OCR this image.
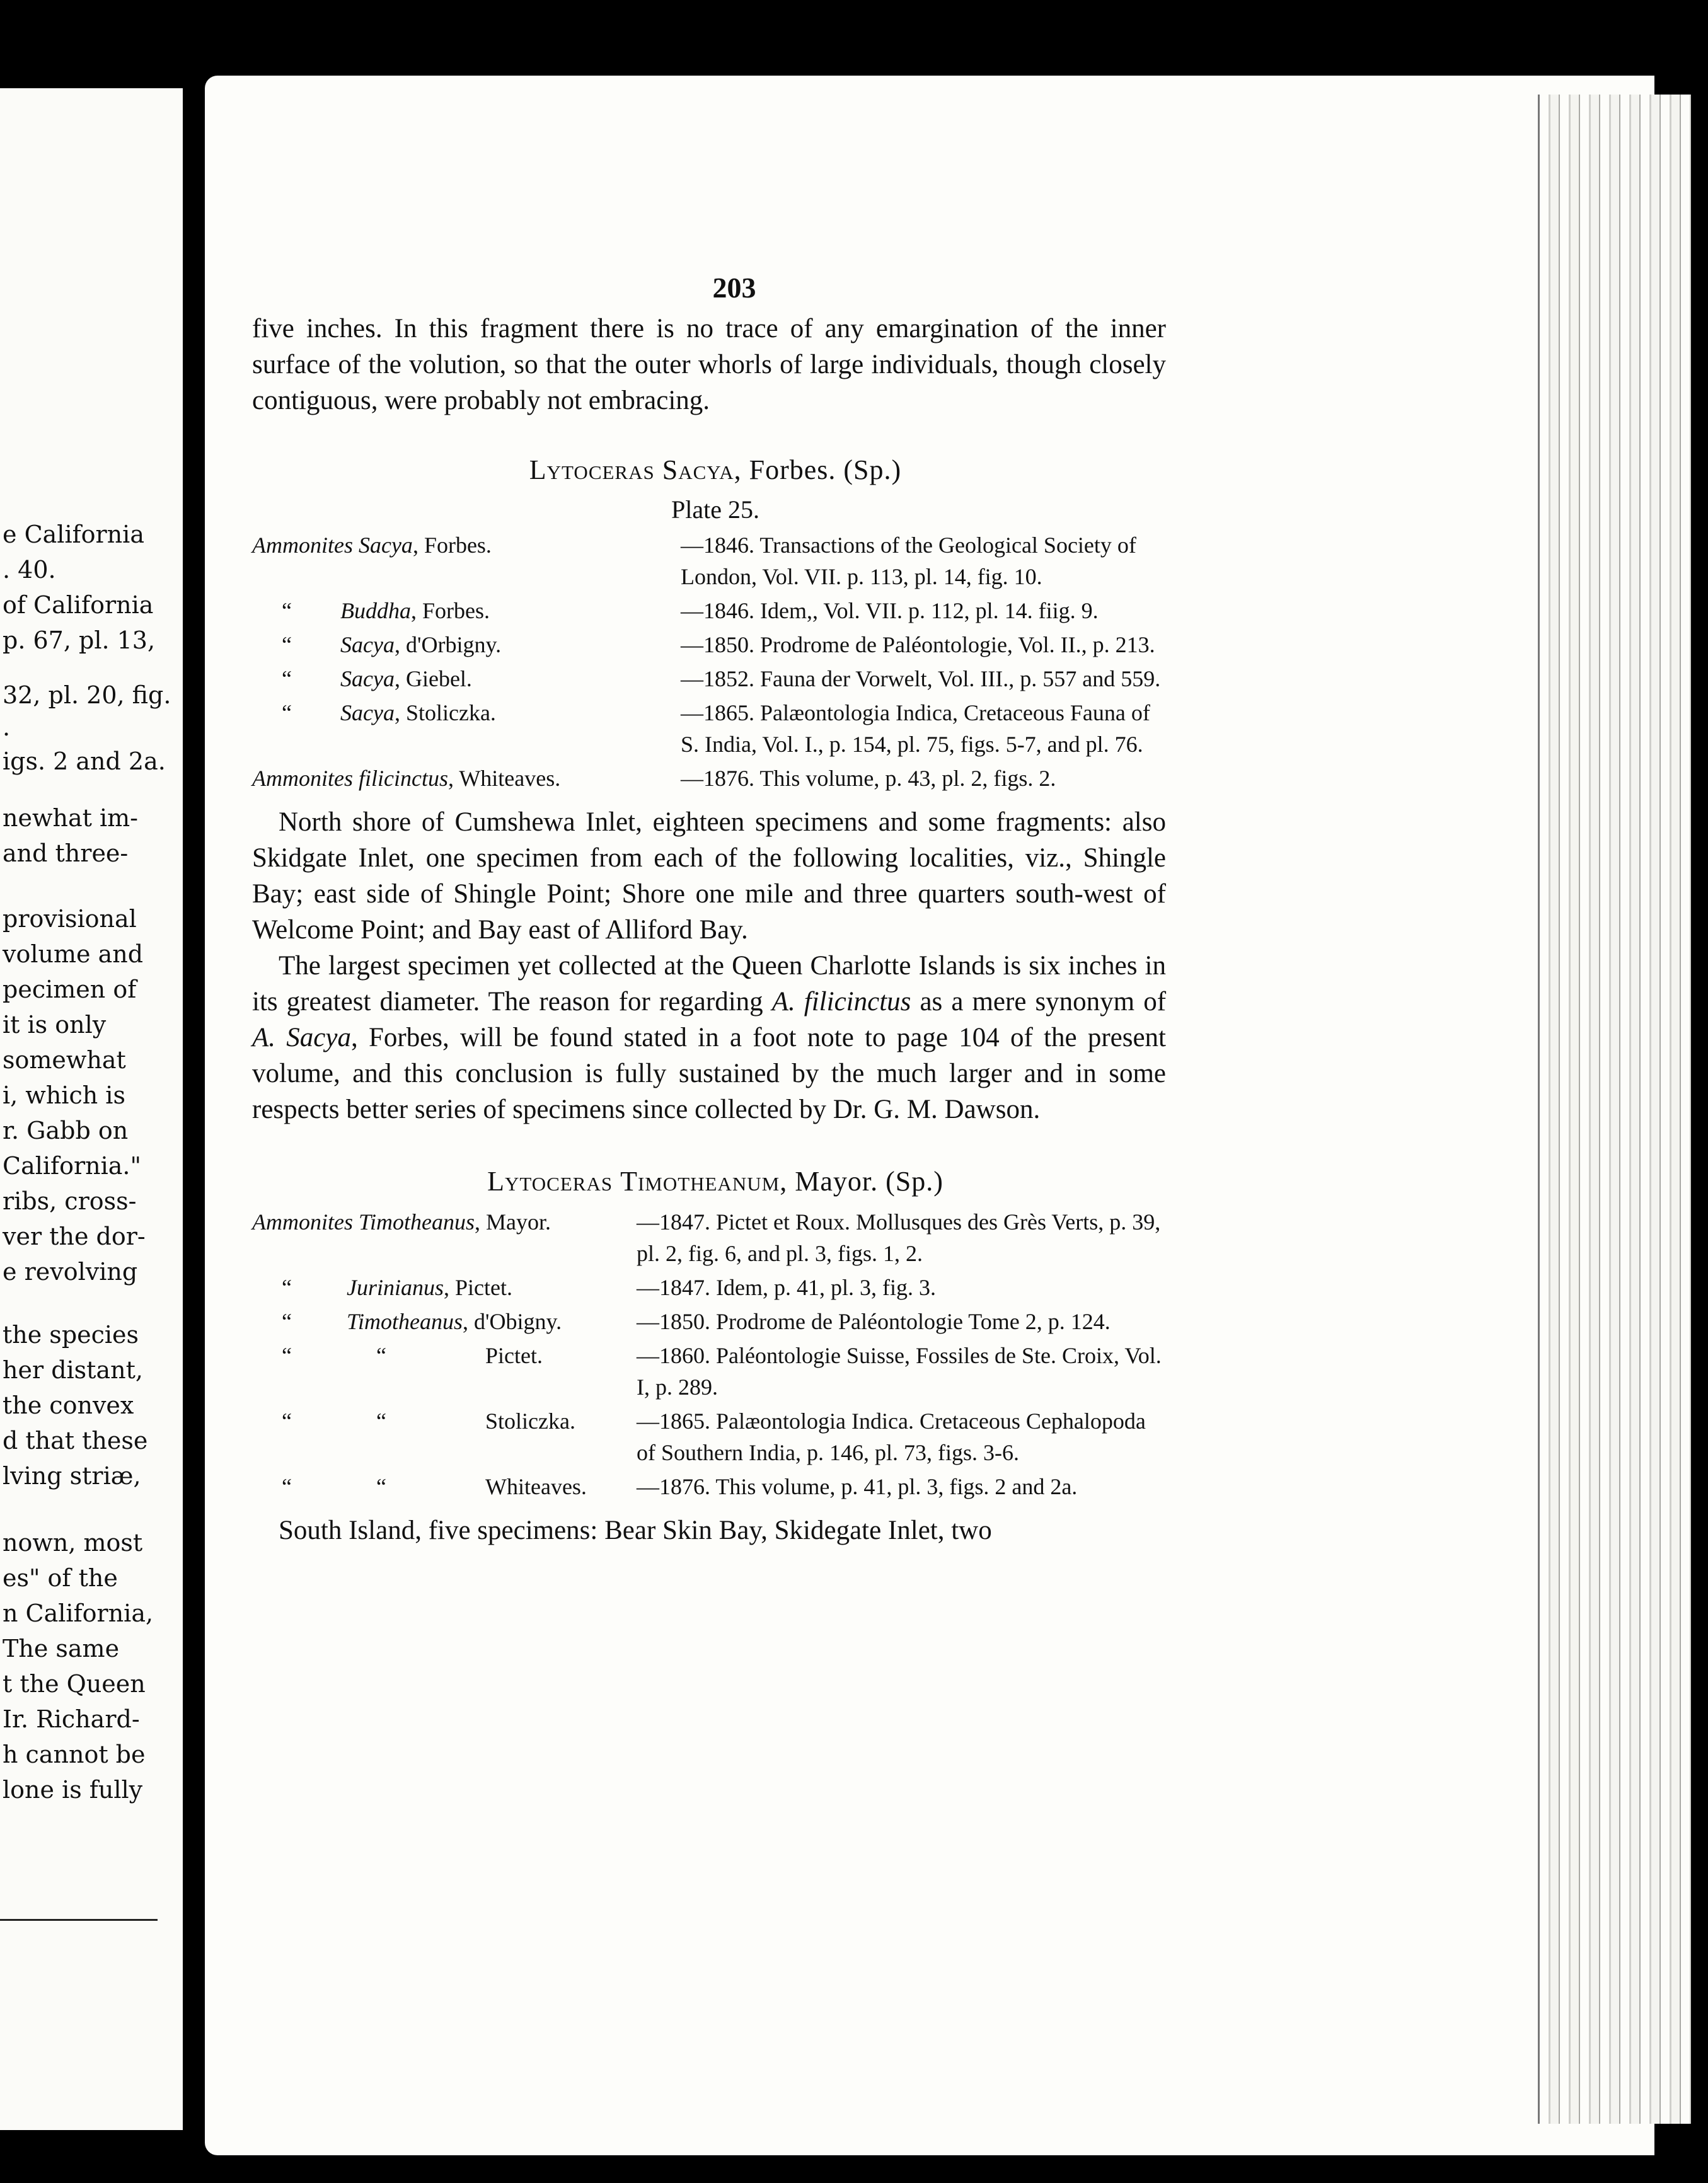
e California
. 40.
of California
p. 67, pl. 13,
32, pl. 20, fig.
.
igs. 2 and 2a.
newhat im-
and three-
provisional
volume and
pecimen of
it is only
somewhat
i, which is
r. Gabb on
California."
ribs, cross-
ver the dor-
e revolving
the species
her distant,
the convex
d that these
lving striæ,
nown, most
es" of the
n California,
The same
t the Queen
Ir. Richard-
h cannot be
lone is fully
203

five inches. In this fragment there is no trace of any emargination of the inner surface of the volution, so that the outer whorls of large individuals, though closely contiguous, were probably not embracing.

Lytoceras Sacya, Forbes. (Sp.)
Plate 25.
Ammonites Sacya, Forbes.	—1846. Transactions of the Geological Society of London, Vol. VII. p. 113, pl. 14, fig. 10.
“ Buddha, Forbes.	—1846. Idem,, Vol. VII. p. 112, pl. 14. fiig. 9.
“ Sacya, d'Orbigny.	—1850. Prodrome de Paléontologie, Vol. II., p. 213.
“ Sacya, Giebel.	—1852. Fauna der Vorwelt, Vol. III., p. 557 and 559.
“ Sacya, Stoliczka.	—1865. Palæontologia Indica, Cretaceous Fauna of S. India, Vol. I., p. 154, pl. 75, figs. 5-7, and pl. 76.
Ammonites filicinctus, Whiteaves.	—1876. This volume, p. 43, pl. 2, figs. 2.

North shore of Cumshewa Inlet, eighteen specimens and some fragments: also Skidgate Inlet, one specimen from each of the following localities, viz., Shingle Bay; east side of Shingle Point; Shore one mile and three quarters south-west of Welcome Point; and Bay east of Alliford Bay.

The largest specimen yet collected at the Queen Charlotte Islands is six inches in its greatest diameter. The reason for regarding A. filicinctus as a mere synonym of A. Sacya, Forbes, will be found stated in a foot note to page 104 of the present volume, and this conclusion is fully sustained by the much larger and in some respects better series of specimens since collected by Dr. G. M. Dawson.

Lytoceras Timotheanum, Mayor. (Sp.)
Ammonites Timotheanus, Mayor.	—1847. Pictet et Roux. Mollusques des Grès Verts, p. 39, pl. 2, fig. 6, and pl. 3, figs. 1, 2.
“ Jurinianus, Pictet.	—1847. Idem, p. 41, pl. 3, fig. 3.
“ Timotheanus, d'Obigny.	—1850. Prodrome de Paléontologie Tome 2, p. 124.
“	“	Pictet.	—1860. Paléontologie Suisse, Fossiles de Ste. Croix, Vol. I, p. 289.
“	“	Stoliczka.	—1865. Palæontologia Indica. Cretaceous Cephalopoda of Southern India, p. 146, pl. 73, figs. 3-6.
“	“	Whiteaves.	—1876. This volume, p. 41, pl. 3, figs. 2 and 2a.

South Island, five specimens: Bear Skin Bay, Skidegate Inlet, two
